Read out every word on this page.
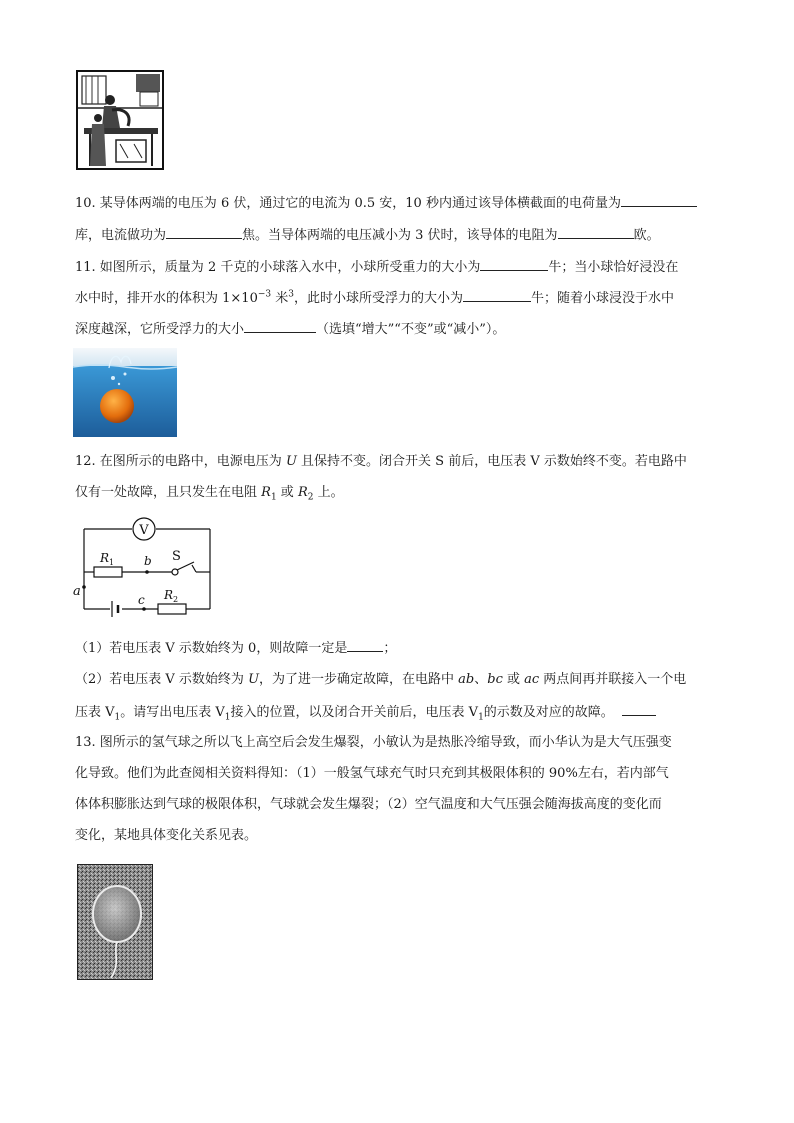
10. 某导体两端的电压为 6 伏，通过它的电流为 0.5 安，10 秒内通过该导体横截面的电荷量为
库，电流做功为	焦。当导体两端的电压减小为 3 伏时，该导体的电阻为	欧。
11. 如图所示，质量为 2 千克的小球落入水中，小球所受重力的大小为	牛；当小球恰好浸没在
水中时，排开水的体积为 $1\times 10^{-3}$ 米$^3$，此时小球所受浮力的大小为	牛；随着小球浸没于水中
深度越深，它所受浮力的大小	（选填“增大”“不变”或“减小”）。
12. 在图所示的电路中，电源电压为 U 且保持不变。闭合开关 S 前后，电压表 V 示数始终不变。若电路中
仅有一处故障，且只发生在电阻 $R_1$ 或 $R_2$ 上。
V
$R_1$ b S
a
c $R_2$
（1）若电压表 V 示数始终为 0，则故障一定是	；
（2）若电压表 V 示数始终为 U，为了进一步确定故障，在电路中 ab、bc 或 ac 两点间再并联接入一个电
压表 $V_1$。请写出电压表 $V_1$接入的位置，以及闭合开关前后，电压表 $V_1$的示数及对应的故障。
13. 图所示的氢气球之所以飞上高空后会发生爆裂，小敏认为是热胀冷缩导致，而小华认为是大气压强变
化导致。他们为此查阅相关资料得知：（1）一般氢气球充气时只充到其极限体积的 90%左右，若内部气
体体积膨胀达到气球的极限体积，气球就会发生爆裂；（2）空气温度和大气压强会随海拔高度的变化而
变化，某地具体变化关系见表。
